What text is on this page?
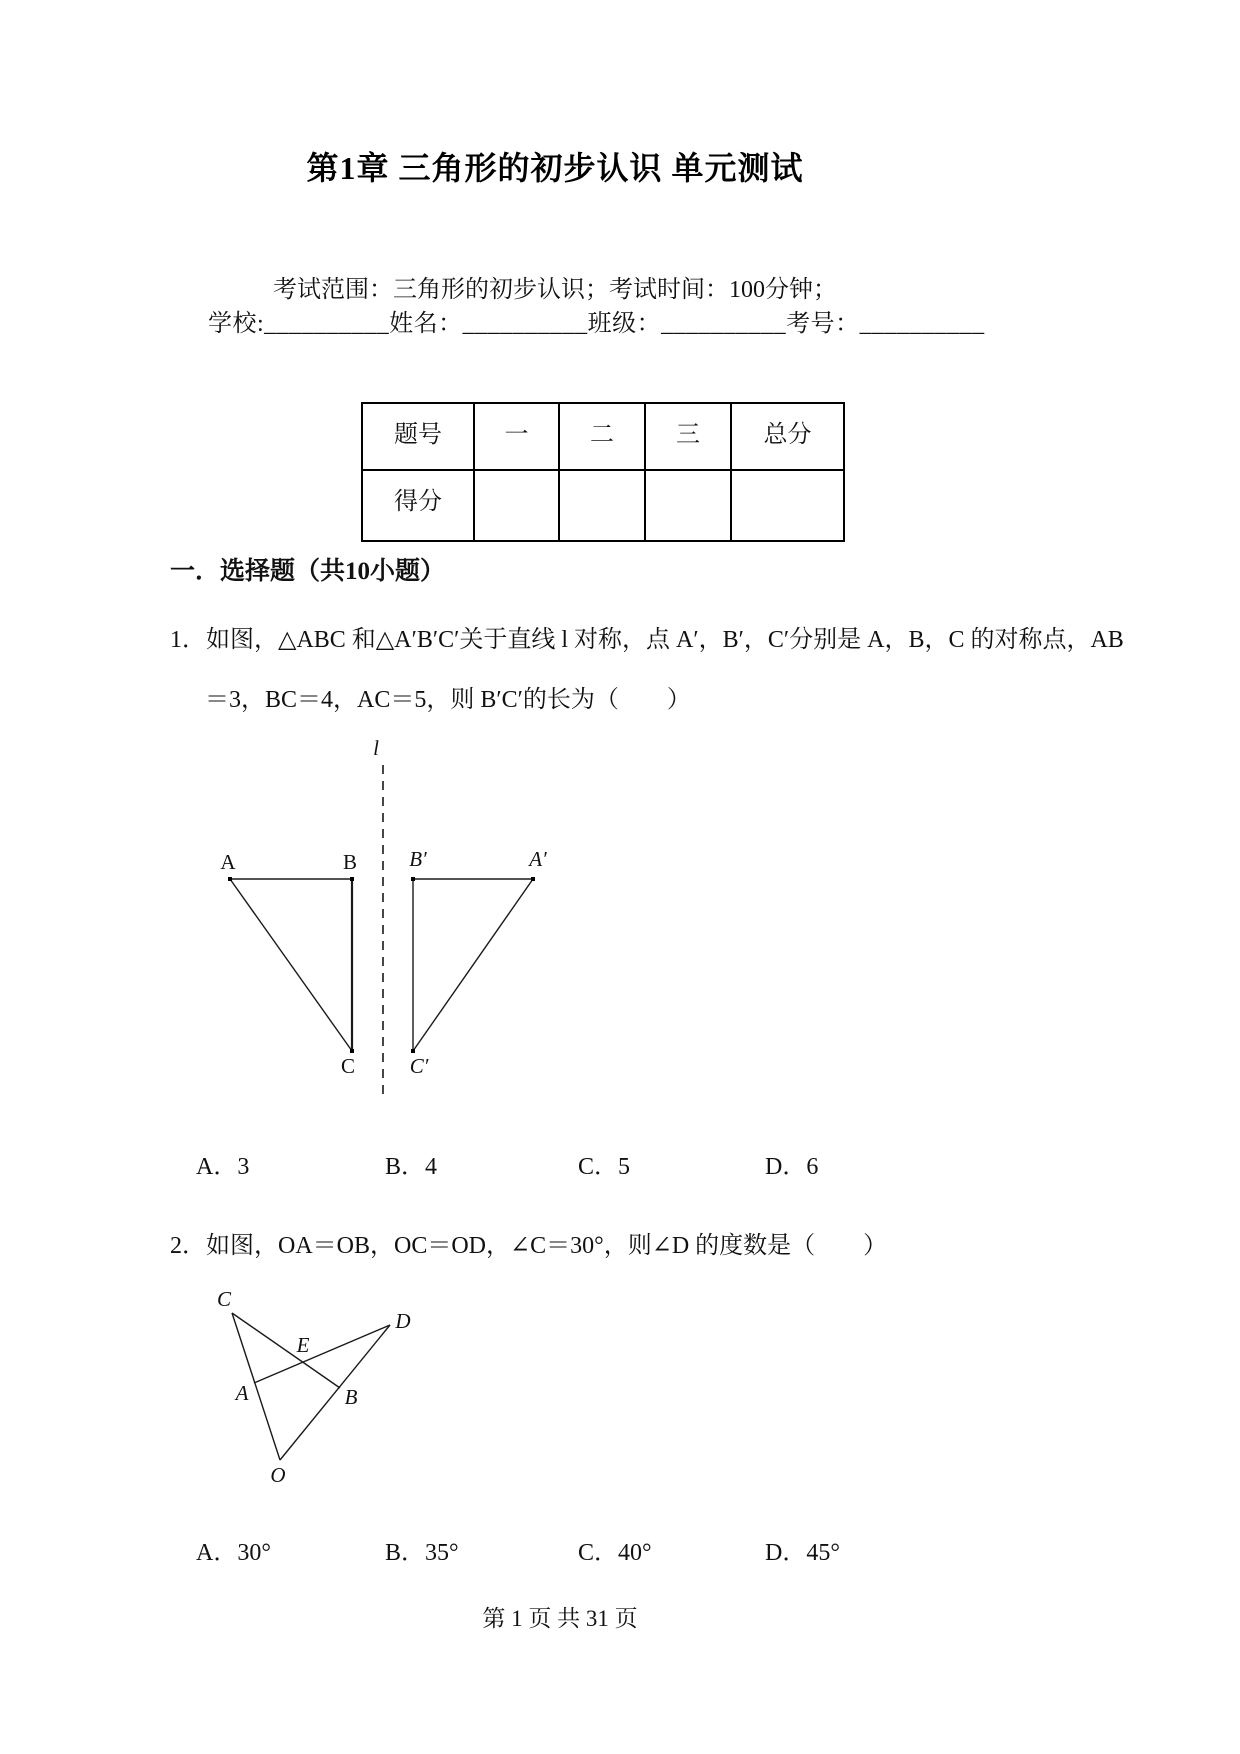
第1章 三角形的初步认识 单元测试

考试范围：三角形的初步认识；考试时间：100分钟；

学校:__________姓名：__________班级：__________考号：__________

题号	一	二	三	总分
得分				
一．选择题（共10小题）

1．如图，△ABC 和△A′B′C′关于直线 l 对称，点 A′，B′，C′分别是 A，B，C 的对称点，AB

＝3，BC＝4，AC＝5，则 B′C′的长为（　　）

l
A	B B′	A′
C	C′
A．3	B．4	C．5	D．6

2．如图，OA＝OB，OC＝OD，∠C＝30°，则∠D 的度数是（　　）

C
D
E
A	B
O
A．30°	B．35°	C．40°	D．45°

第 1 页 共 31 页
